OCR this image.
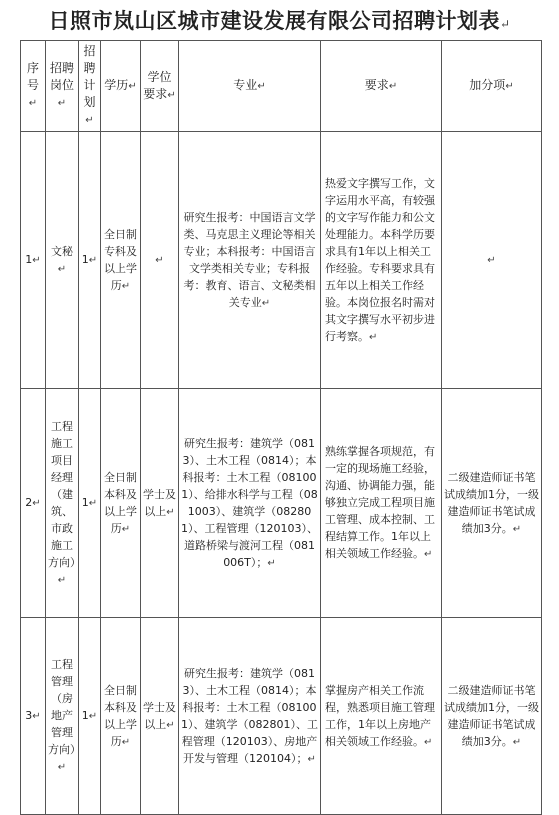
日照市岚山区城市建设发展有限公司招聘计划表↵
序号↵	招聘岗位↵	招聘计划↵	学历↵	学位要求↵	专业↵	要求↵	加分项↵
1↵	文秘↵	1↵	全日制专科及以上学历↵	↵	研究生报考：中国语言文学类、马克思主义理论等相关专业；本科报考：中国语言文学类相关专业；专科报考：教育、语言、文秘类相关专业↵	热爱文字撰写工作，文字运用水平高，有较强的文字写作能力和公文处理能力。本科学历要求具有1年以上相关工作经验。专科要求具有五年以上相关工作经验。本岗位报名时需对其文字撰写水平初步进行考察。↵	↵
2↵	工程施工项目经理（建筑、市政施工方向）↵	1↵	全日制本科及以上学历↵	学士及以上↵	研究生报考：建筑学（0813）、土木工程（0814）；本科报考：土木工程（081001）、给排水科学与工程（081003）、建筑学（082801）、工程管理（120103）、道路桥梁与渡河工程（081006T）；↵	熟练掌握各项规范，有一定的现场施工经验，沟通、协调能力强，能够独立完成工程项目施工管理、成本控制、工程结算工作。1年以上相关领域工作经验。↵	二级建造师证书笔试成绩加1分，一级建造师证书笔试成绩加3分。↵
3↵	工程管理（房地产管理方向）↵	1↵	全日制本科及以上学历↵	学士及以上↵	研究生报考：建筑学（0813）、土木工程（0814）；本科报考：土木工程（081001）、建筑学（082801）、工程管理（120103）、房地产开发与管理（120104）；↵	掌握房产相关工作流程，熟悉项目施工管理工作，1年以上房地产相关领域工作经验。↵	二级建造师证书笔试成绩加1分，一级建造师证书笔试成绩加3分。↵
